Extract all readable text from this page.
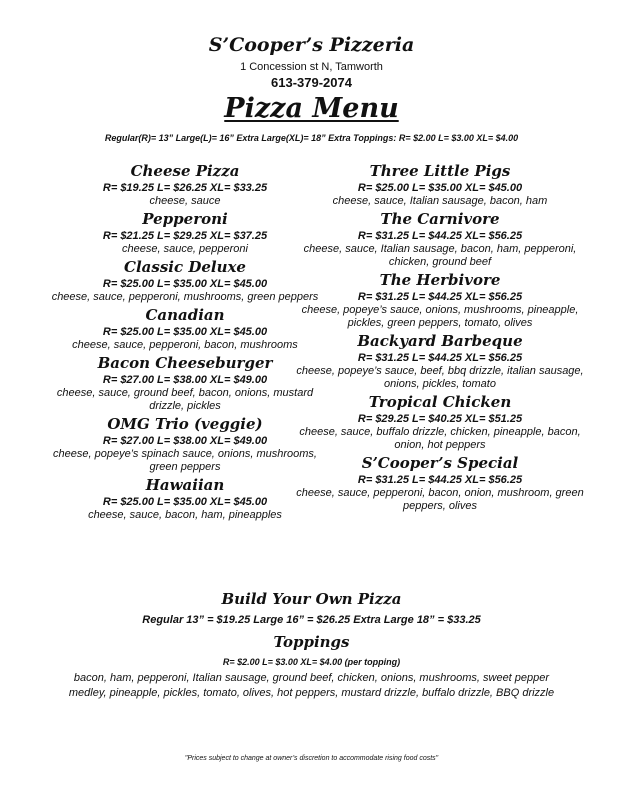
S’Cooper’s Pizzeria
1 Concession st N, Tamworth
613-379-2074
Pizza Menu
Regular(R)= 13” Large(L)= 16” Extra Large(XL)= 18” Extra Toppings: R= $2.00 L= $3.00 XL= $4.00
Cheese Pizza
R= $19.25 L= $26.25 XL= $33.25
cheese, sauce
Pepperoni
R= $21.25 L= $29.25 XL= $37.25
cheese, sauce, pepperoni
Classic Deluxe
R= $25.00 L= $35.00 XL= $45.00
cheese, sauce, pepperoni, mushrooms, green peppers
Canadian
R= $25.00 L= $35.00 XL= $45.00
cheese, sauce, pepperoni, bacon, mushrooms
Bacon Cheeseburger
R= $27.00 L= $38.00 XL= $49.00
cheese, sauce, ground beef, bacon, onions, mustard drizzle, pickles
OMG Trio (veggie)
R= $27.00 L= $38.00 XL= $49.00
cheese, popeye’s spinach sauce, onions, mushrooms, green peppers
Hawaiian
R= $25.00 L= $35.00 XL= $45.00
cheese, sauce, bacon, ham, pineapples
Three Little Pigs
R= $25.00 L= $35.00 XL= $45.00
cheese, sauce, Italian sausage, bacon, ham
The Carnivore
R= $31.25 L= $44.25 XL= $56.25
cheese, sauce, Italian sausage, bacon, ham, pepperoni, chicken, ground beef
The Herbivore
R= $31.25 L= $44.25 XL= $56.25
cheese, popeye’s sauce, onions, mushrooms, pineapple, pickles, green peppers, tomato, olives
Backyard Barbeque
R= $31.25 L= $44.25 XL= $56.25
cheese, popeye’s sauce, beef, bbq drizzle, italian sausage, onions, pickles, tomato
Tropical Chicken
R= $29.25 L= $40.25 XL= $51.25
cheese, sauce, buffalo drizzle, chicken, pineapple, bacon, onion, hot peppers
S’Cooper’s Special
R= $31.25 L= $44.25 XL= $56.25
cheese, sauce, pepperoni, bacon, onion, mushroom, green peppers, olives
Build Your Own Pizza
Regular 13” = $19.25 Large 16” = $26.25 Extra Large 18” = $33.25
Toppings
R= $2.00 L= $3.00 XL= $4.00 (per topping)
bacon, ham, pepperoni, Italian sausage, ground beef, chicken, onions, mushrooms, sweet pepper medley, pineapple, pickles, tomato, olives, hot peppers, mustard drizzle, buffalo drizzle, BBQ drizzle
"Prices subject to change at owner’s discretion to accommodate rising food costs"
